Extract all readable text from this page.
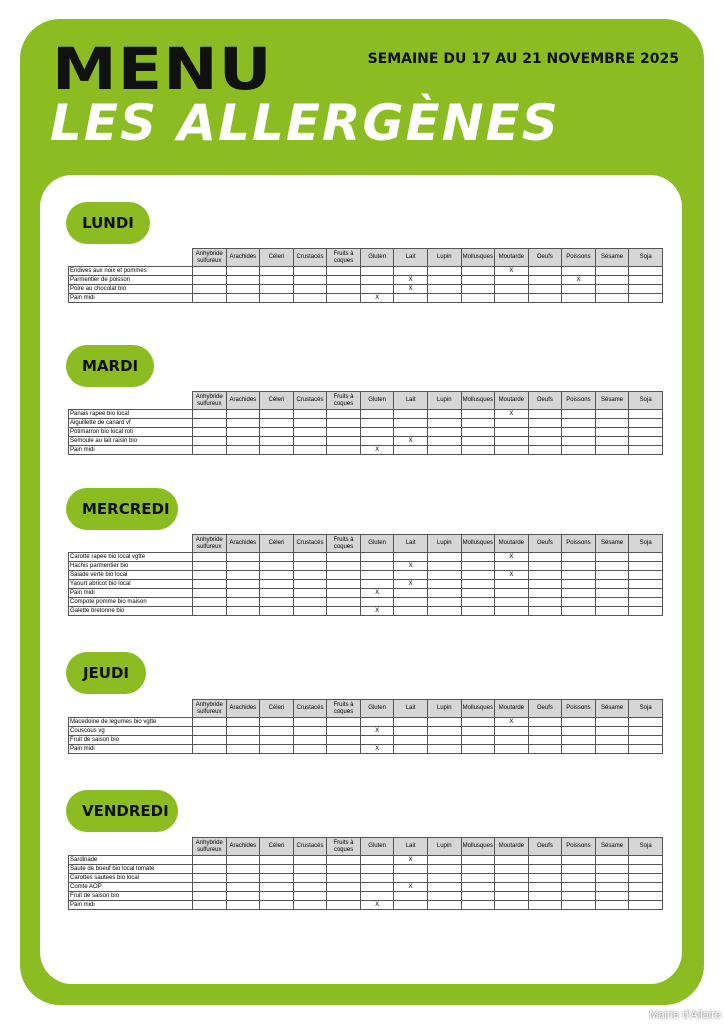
MENU
LES ALLERGÈNES
SEMAINE DU 17 AU 21 NOVEMBRE 2025
LUNDI
	Anhybride sulfureux	Arachides	Céleri	Crustacés	Fruits à coques	Gluten	Lait	Lupin	Mollusques	Moutarde	Oeufs	Poissons	Sésame	Soja
Endives aux noix et pommes										X				
Parmentier de poisson							X					X		
Poire au chocolat bio							X							
Pain midi						X								
MARDI
	Anhybride sulfureux	Arachides	Céleri	Crustacés	Fruits à coques	Gluten	Lait	Lupin	Mollusques	Moutarde	Oeufs	Poissons	Sésame	Soja
Panais rapee bio local										X				
Aiguillette de canard vf														
Potimarron bio local roti														
Semoule au lait raisin bio							X							
Pain midi						X								
MERCREDI
	Anhybride sulfureux	Arachides	Céleri	Crustacés	Fruits à coques	Gluten	Lait	Lupin	Mollusques	Moutarde	Oeufs	Poissons	Sésame	Soja
Carotte rapee bio local vgtte										X				
Hachis parmentier bio							X							
Salade verte bio local										X				
Yaourt abricot bio local							X							
Pain midi						X								
Compote pomme bio maison														
Galette bretonne bio						X								
JEUDI
	Anhybride sulfureux	Arachides	Céleri	Crustacés	Fruits à coques	Gluten	Lait	Lupin	Mollusques	Moutarde	Oeufs	Poissons	Sésame	Soja
Macedoine de legumes bio vgtte										X				
Couscous vg						X								
Fruit de saison bio														
Pain midi						X								
VENDREDI
	Anhybride sulfureux	Arachides	Céleri	Crustacés	Fruits à coques	Gluten	Lait	Lupin	Mollusques	Moutarde	Oeufs	Poissons	Sésame	Soja
Sardinade							X							
Saute de boeuf bio local tomate														
Carottes sautees bio local														
Comte AOP							X							
Fruit de saison bio														
Pain midi						X								
Mairie d'Allaire
